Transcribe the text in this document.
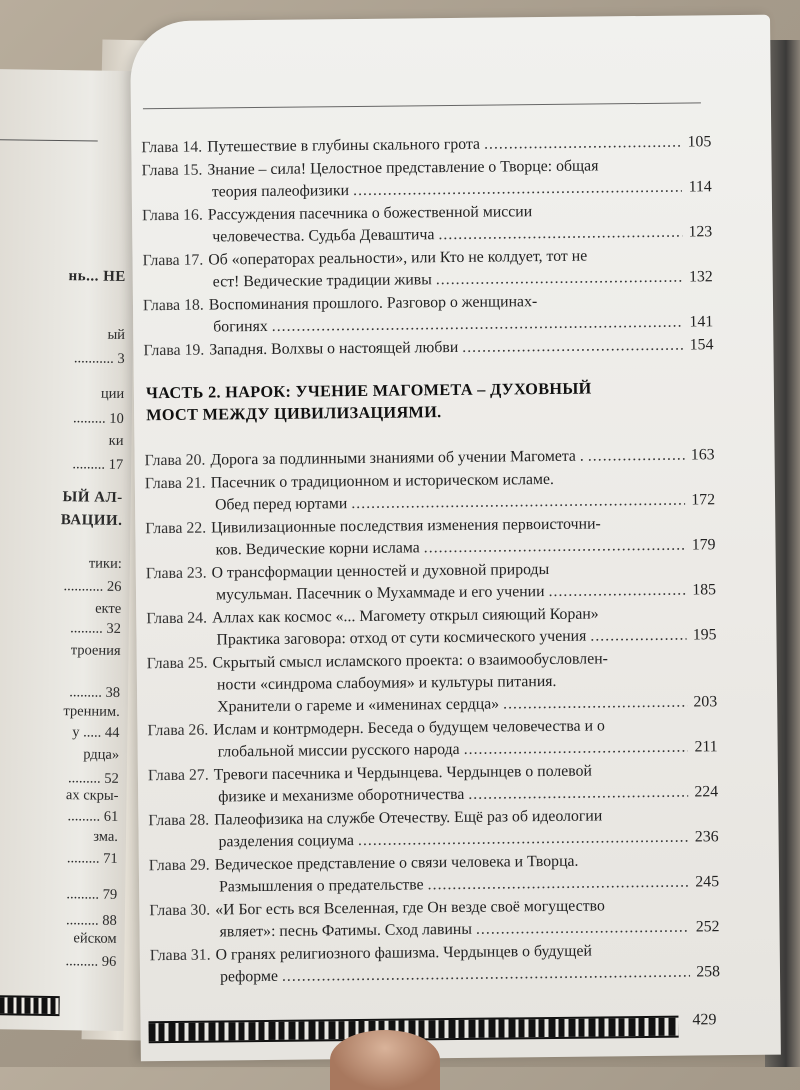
нь... НЕ
ый
........... 3
ции
......... 10
ки
......... 17
ЫЙ АЛ-
ВАЦИИ.
тики:
........... 26
екте
......... 32
троения
......... 38
тренним.
у ..... 44
рдца»
......... 52
ах скры-
......... 61
зма.
......... 71
......... 79
......... 88
ейском
......... 96
Глава 14. Путешествие в глубины скального грота .....	105
Глава 15. Знание – сила! Целостное представление о Творце: общая
теория палеофизики .....	114
Глава 16. Рассуждения пасечника о божественной миссии
человечества. Судьба Деваштича .....	123
Глава 17. Об «операторах реальности», или Кто не колдует, тот не
ест! Ведические традиции живы .....	132
Глава 18. Воспоминания прошлого. Разговор о женщинах-
богинях .....	141
Глава 19. Западня. Волхвы о настоящей любви .....	154
ЧАСТЬ 2. НАРОК: УЧЕНИЕ МАГОМЕТА – ДУХОВНЫЙ
МОСТ МЕЖДУ ЦИВИЛИЗАЦИЯМИ.
Глава 20. Дорога за подлинными знаниями об учении Магомета . .....	163
Глава 21. Пасечник о традиционном и историческом исламе.
Обед перед юртами .....	172
Глава 22. Цивилизационные последствия изменения первоисточни-
ков. Ведические корни ислама .....	179
Глава 23. О трансформации ценностей и духовной природы
мусульман. Пасечник о Мухаммаде и его учении .....	185
Глава 24. Аллах как космос «... Магомету открыл сияющий Коран»
Практика заговора: отход от сути космического учения .....	195
Глава 25. Скрытый смысл исламского проекта: о взаимообусловлен-
ности «синдрома слабоумия» и культуры питания.
Хранители о гареме и «именинах сердца» .....	203
Глава 26. Ислам и контрмодерн. Беседа о будущем человечества и о
глобальной миссии русского народа .....	211
Глава 27. Тревоги пасечника и Чердынцева. Чердынцев о полевой
физике и механизме оборотничества .....	224
Глава 28. Палеофизика на службе Отечеству. Ещё раз об идеологии
разделения социума .....	236
Глава 29. Ведическое представление о связи человека и Творца.
Размышления о предательстве .....	245
Глава 30. «И Бог есть вся Вселенная, где Он везде своё могущество
являет»: песнь Фатимы. Сход лавины .....	252
Глава 31. О гранях религиозного фашизма. Чердынцев о будущей
реформе .....	258
429
